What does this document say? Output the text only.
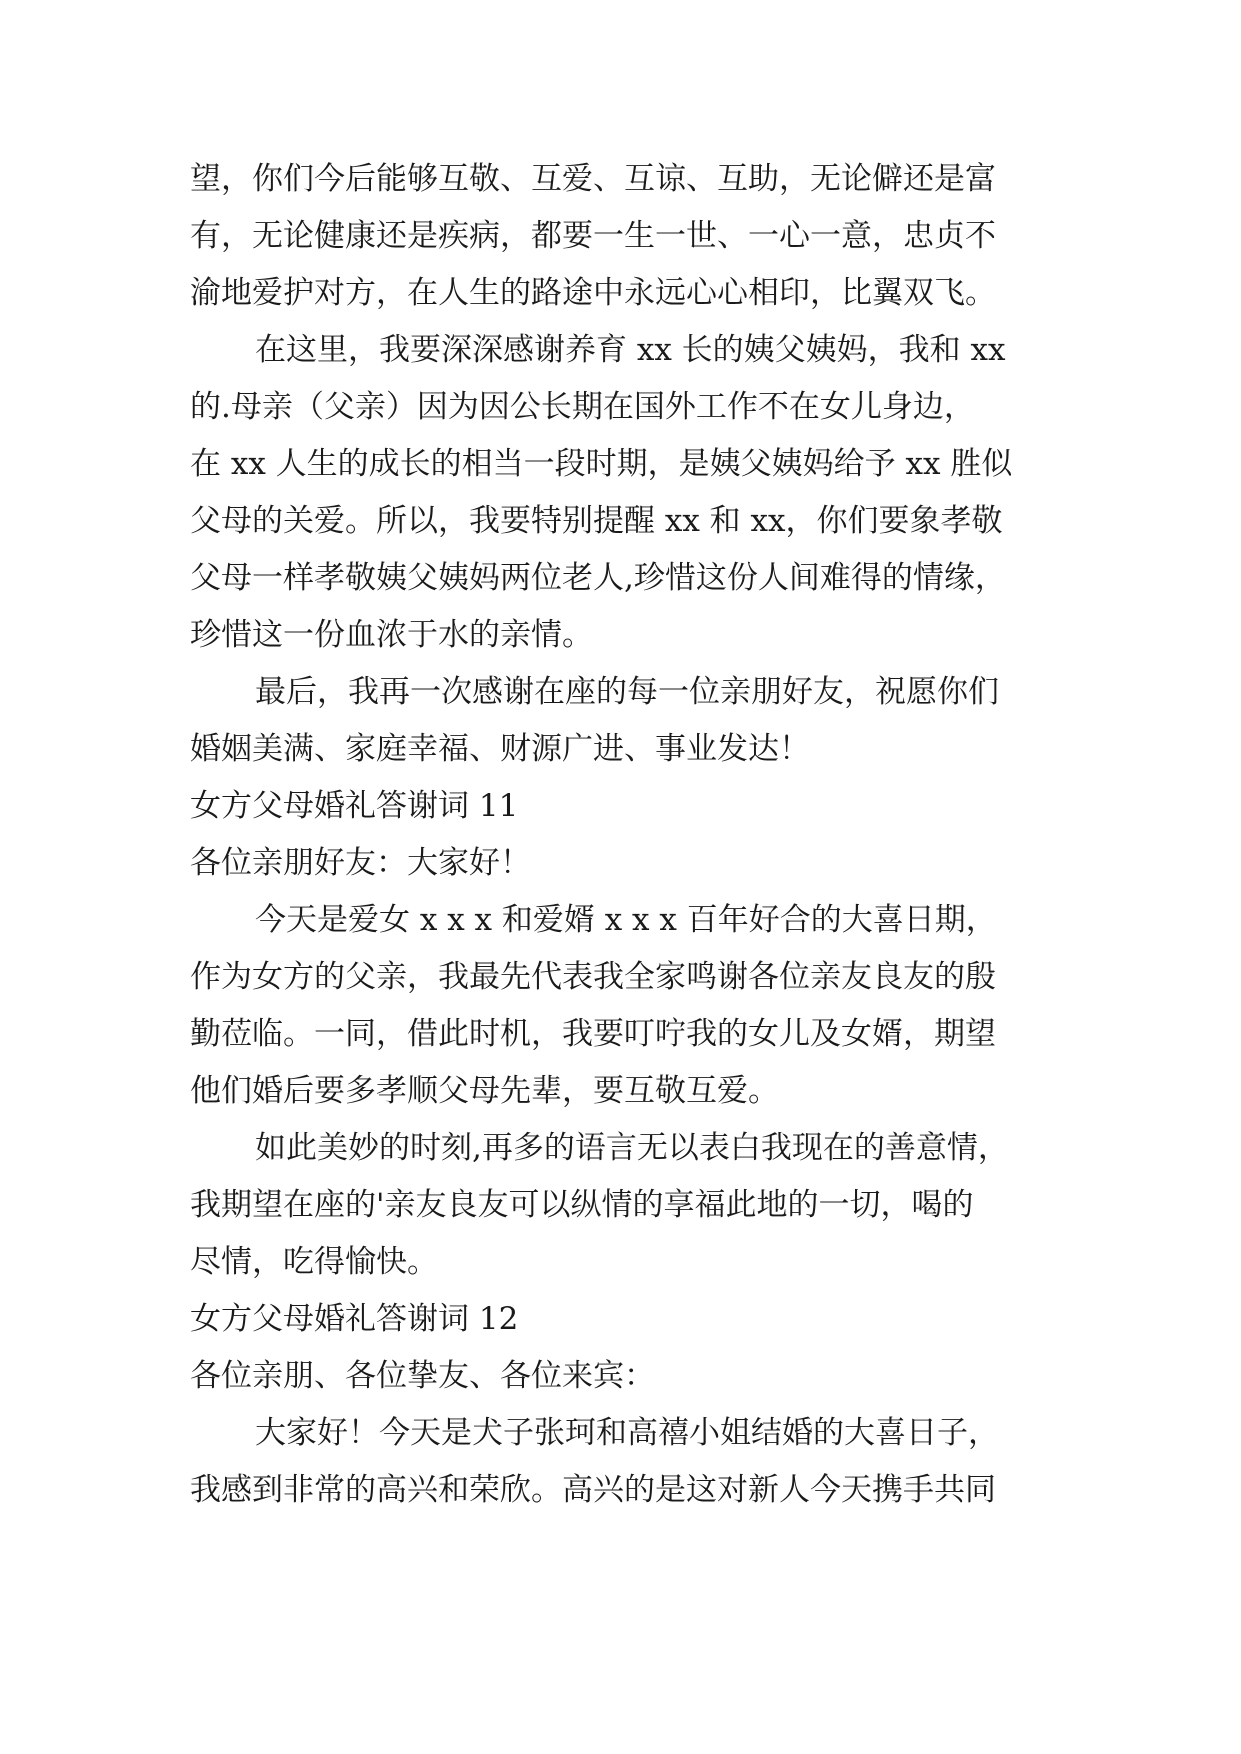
望，你们今后能够互敬、互爱、互谅、互助，无论僻还是富
有，无论健康还是疾病，都要一生一世、一心一意，忠贞不
渝地爱护对方，在人生的路途中永远心心相印，比翼双飞。
在这里，我要深深感谢养育 xx 长的姨父姨妈，我和 xx
的.母亲（父亲）因为因公长期在国外工作不在女儿身边，
在 xx 人生的成长的相当一段时期，是姨父姨妈给予 xx 胜似
父母的关爱。所以，我要特别提醒 xx 和 xx，你们要象孝敬
父母一样孝敬姨父姨妈两位老人,珍惜这份人间难得的情缘，
珍惜这一份血浓于水的亲情。
最后，我再一次感谢在座的每一位亲朋好友，祝愿你们
婚姻美满、家庭幸福、财源广进、事业发达！
女方父母婚礼答谢词 11
各位亲朋好友：大家好！
今天是爱女 x x x 和爱婿 x x x 百年好合的大喜日期，
作为女方的父亲，我最先代表我全家鸣谢各位亲友良友的殷
勤莅临。一同，借此时机，我要叮咛我的女儿及女婿，期望
他们婚后要多孝顺父母先辈，要互敬互爱。
如此美妙的时刻,再多的语言无以表白我现在的善意情，
我期望在座的'亲友良友可以纵情的享福此地的一切，喝的
尽情，吃得愉快。
女方父母婚礼答谢词 12
各位亲朋、各位挚友、各位来宾：
大家好！今天是犬子张珂和高禧小姐结婚的大喜日子，
我感到非常的高兴和荣欣。高兴的是这对新人今天携手共同
